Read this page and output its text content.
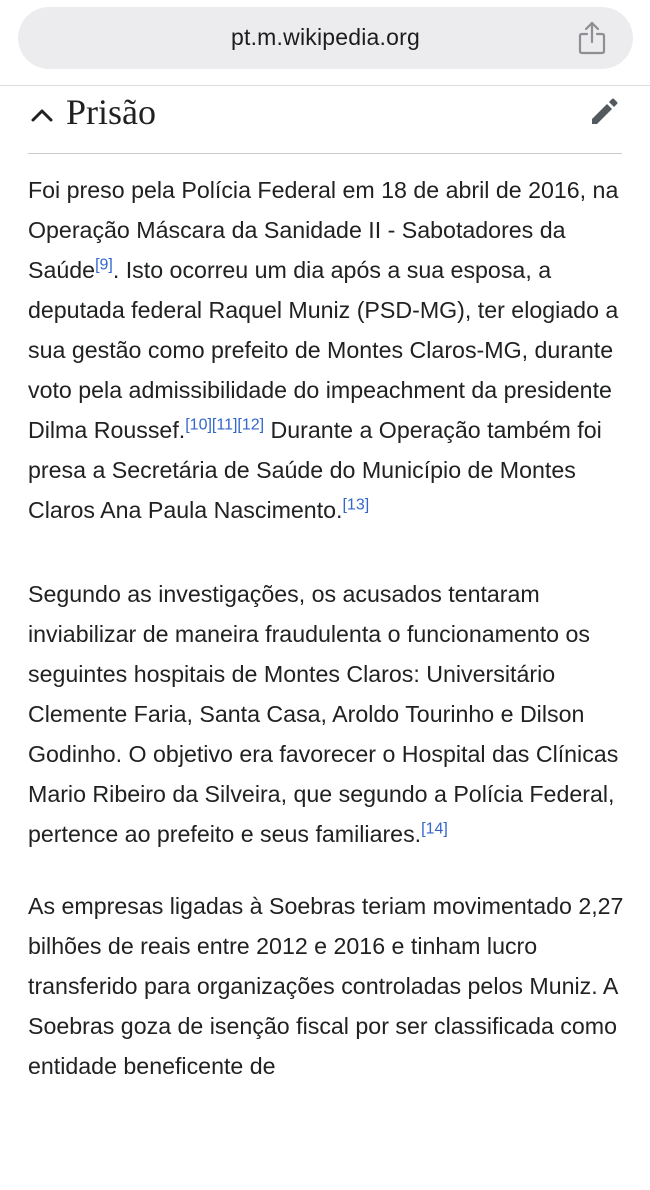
pt.m.wikipedia.org
Prisão

Foi preso pela Polícia Federal em 18 de abril de 2016, na Operação Máscara da Sanidade II - Sabotadores da Saúde[9]. Isto ocorreu um dia após a sua esposa, a deputada federal Raquel Muniz (PSD-MG), ter elogiado a sua gestão como prefeito de Montes Claros-MG, durante voto pela admissibilidade do impeachment da presidente Dilma Roussef.[10][11][12] Durante a Operação também foi presa a Secretária de Saúde do Município de Montes Claros Ana Paula Nascimento.[13]

Segundo as investigações, os acusados tentaram inviabilizar de maneira fraudulenta o funcionamento os seguintes hospitais de Montes Claros: Universitário Clemente Faria, Santa Casa, Aroldo Tourinho e Dilson Godinho. O objetivo era favorecer o Hospital das Clínicas Mario Ribeiro da Silveira, que segundo a Polícia Federal, pertence ao prefeito e seus familiares.[14]

As empresas ligadas à Soebras teriam movimentado 2,27 bilhões de reais entre 2012 e 2016 e tinham lucro transferido para organizações controladas pelos Muniz. A Soebras goza de isenção fiscal por ser classificada como entidade beneficente de
